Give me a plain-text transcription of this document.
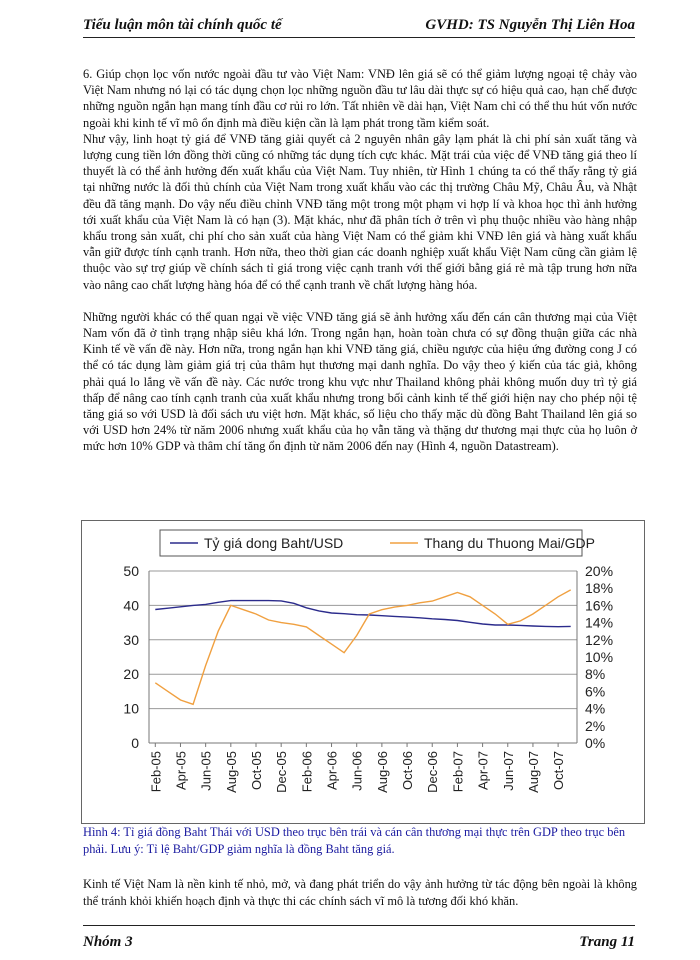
Tiểu luận môn tài chính quốc tế	GVHD: TS Nguyễn Thị Liên Hoa

6. Giúp chọn lọc vốn nước ngoài đầu tư vào Việt Nam: VNĐ lên giá sẽ có thể giảm lượng ngoại tệ chảy vào Việt Nam nhưng nó lại có tác dụng chọn lọc những nguồn đầu tư lâu dài thực sự có hiệu quả cao, hạn chế được những nguồn ngắn hạn mang tính đầu cơ rủi ro lớn. Tất nhiên về dài hạn, Việt Nam chỉ có thể thu hút vốn nước ngoài khi kinh tế vĩ mô ổn định mà điều kiện cần là lạm phát trong tầm kiểm soát.

Như vậy, linh hoạt tỷ giá để VNĐ tăng giải quyết cả 2 nguyên nhân gây lạm phát là chi phí sản xuất tăng và lượng cung tiền lớn đồng thời cũng có những tác dụng tích cực khác. Mặt trái của việc để VNĐ tăng giá theo lí thuyết là có thể ảnh hưởng đến xuất khẩu của Việt Nam. Tuy nhiên, từ Hình 1 chúng ta có thể thấy rằng tỷ giá tại những nước là đối thủ chính của Việt Nam trong xuất khẩu vào các thị trường Châu Mỹ, Châu Âu, và Nhật đều đã tăng mạnh. Do vậy nếu điều chỉnh VNĐ tăng một trong một phạm vi hợp lí và khoa học thì ảnh hưởng tới xuất khẩu của Việt Nam là có hạn (3). Mặt khác, như đã phân tích ở trên vì phụ thuộc nhiều vào hàng nhập khẩu trong sản xuất, chi phí cho sản xuất của hàng Việt Nam có thể giảm khi VNĐ lên giá và hàng xuất khẩu vẫn giữ được tính cạnh tranh. Hơn nữa, theo thời gian các doanh nghiệp xuất khẩu Việt Nam cũng cần giảm lệ thuộc vào sự trợ giúp về chính sách tỉ giá trong việc cạnh tranh với thế giới bằng giá rẻ mà tập trung hơn nữa vào nâng cao chất lượng hàng hóa để có thể cạnh tranh về chất lượng hàng hóa.

Những người khác có thể quan ngại về việc VNĐ tăng giá sẽ ảnh hưởng xấu đến cán cân thương mại của Việt Nam vốn đã ở tình trạng nhập siêu khá lớn. Trong ngắn hạn, hoàn toàn chưa có sự đồng thuận giữa các nhà Kinh tế về vấn đề này. Hơn nữa, trong ngắn hạn khi VNĐ tăng giá, chiều ngược của hiệu ứng đường cong J có thể có tác dụng làm giảm giá trị của thâm hụt thương mại danh nghĩa. Do vậy theo ý kiến của tác giả, không phải quá lo lắng về vấn đề này. Các nước trong khu vực như Thailand không phải không muốn duy trì tỷ giá thấp để nâng cao tính cạnh tranh của xuất khẩu nhưng trong bối cảnh kinh tế thế giới hiện nay cho phép nội tệ tăng giá so với USD là đối sách ưu việt hơn. Mặt khác, số liệu cho thấy mặc dù đồng Baht Thailand lên giá so với USD hơn 24% từ năm 2006 nhưng xuất khẩu của họ vẫn tăng và thặng dư thương mại thực của họ luôn ở mức hơn 10% GDP và thâm chí tăng ổn định từ năm 2006 đến nay (Hình 4, nguồn Datastream).

0
10
20
30
40
50
0%
2%
4%
6%
8%
10%
12%
14%
16%
18%
20%
Feb-05 Apr-05 Jun-05 Aug-05 Oct-05 Dec-05 Feb-06 Apr-06 Jun-06 Aug-06 Oct-06 Dec-06 Feb-07 Apr-07 Jun-07 Aug-07 Oct-07
Tỷ giá dong Baht/USD	Thang du Thuong Mai/GDP
Hình 4: Tỉ giá đồng Baht Thái với USD theo trục bên trái và cán cân thương mại thực trên GDP theo trục bên phải. Lưu ý: Tỉ lệ Baht/GDP giảm nghĩa là đồng Baht tăng giá.
Kinh tế Việt Nam là nền kinh tế nhỏ, mở, và đang phát triển do vậy ảnh hưởng từ tác động bên ngoài là không thể tránh khỏi khiến hoạch định và thực thi các chính sách vĩ mô là tương đối khó khăn.
Nhóm 3	Trang 11
